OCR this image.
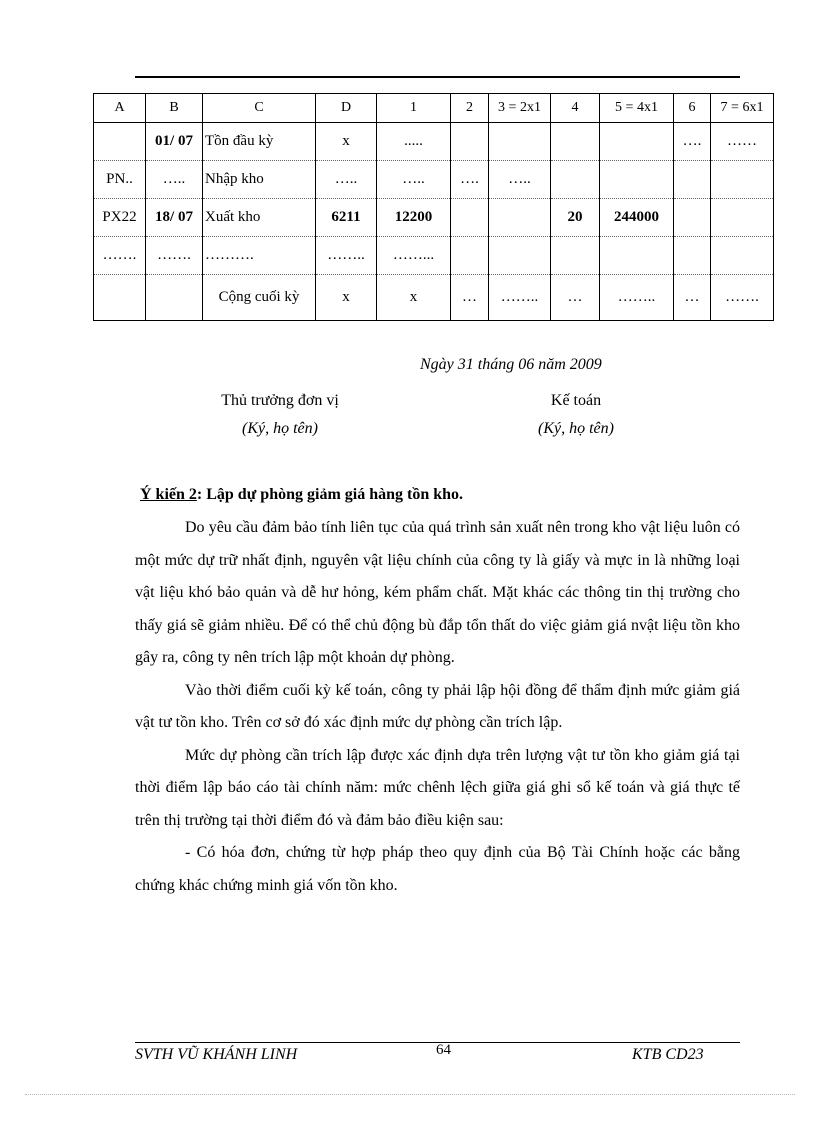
A	B	C	D	1	2	3 = 2x1	4	5 = 4x1	6	7 = 6x1
	01/ 07	Tồn đầu kỳ	x	.....					….	……
PN..	…..	Nhập kho	…..	…..	….	…..				
PX22	18/ 07	Xuất kho	6211	12200			20	244000		
…….	…….	……….	……..	……...						
		Cộng cuối kỳ	x	x	…	……..	…	……..	…	…….
Ngày 31 tháng 06 năm 2009
Thủ trưởng đơn vị
(Ký, họ tên)
Kế toán
(Ký, họ tên)
Ý kiến 2: Lập dự phòng giảm giá hàng tồn kho.

Do yêu cầu đảm bảo tính liên tục của quá trình sản xuất nên trong kho vật liệu luôn có một mức dự trữ nhất định, nguyên vật liệu chính của công ty là giấy và mực in là những loại vật liệu khó bảo quản và dễ hư hỏng, kém phẩm chất. Mặt khác các thông tin thị trường cho thấy giá sẽ giảm nhiều. Để có thể chủ động bù đắp tổn thất do việc giảm giá nvật liệu tồn kho gây ra, công ty nên trích lập một khoản dự phòng.

Vào thời điểm cuối kỳ kế toán, công ty phải lập hội đồng để thẩm định mức giảm giá vật tư tồn kho. Trên cơ sở đó xác định mức dự phòng cần trích lập.

Mức dự phòng cần trích lập được xác định dựa trên lượng vật tư tồn kho giảm giá tại thời điểm lập báo cáo tài chính năm: mức chênh lệch giữa giá ghi sổ kế toán và giá thực tế trên thị trường tại thời điểm đó và đảm bảo điều kiện sau:

- Có hóa đơn, chứng từ hợp pháp theo quy định của Bộ Tài Chính hoặc các bằng chứng khác chứng minh giá vốn tồn kho.

SVTH VŨ KHÁNH LINH	64	KTB CD23
